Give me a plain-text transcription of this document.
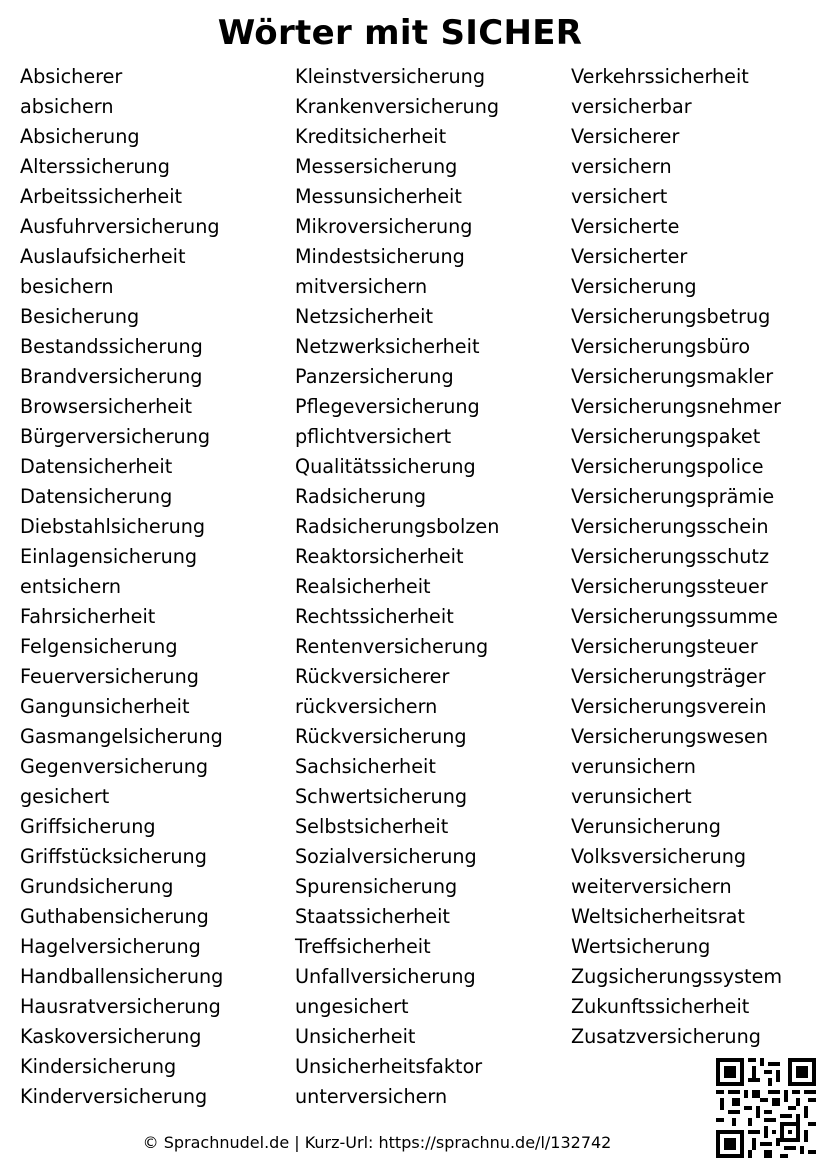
Wörter mit SICHER
Absicherer
absichern
Absicherung
Alterssicherung
Arbeitssicherheit
Ausfuhrversicherung
Auslaufsicherheit
besichern
Besicherung
Bestandssicherung
Brandversicherung
Browsersicherheit
Bürgerversicherung
Datensicherheit
Datensicherung
Diebstahlsicherung
Einlagensicherung
entsichern
Fahrsicherheit
Felgensicherung
Feuerversicherung
Gangunsicherheit
Gasmangelsicherung
Gegenversicherung
gesichert
Griffsicherung
Griffstücksicherung
Grundsicherung
Guthabensicherung
Hagelversicherung
Handballensicherung
Hausratversicherung
Kaskoversicherung
Kindersicherung
Kinderversicherung
Kleinstversicherung
Krankenversicherung
Kreditsicherheit
Messersicherung
Messunsicherheit
Mikroversicherung
Mindestsicherung
mitversichern
Netzsicherheit
Netzwerksicherheit
Panzersicherung
Pflegeversicherung
pflichtversichert
Qualitätssicherung
Radsicherung
Radsicherungsbolzen
Reaktorsicherheit
Realsicherheit
Rechtssicherheit
Rentenversicherung
Rückversicherer
rückversichern
Rückversicherung
Sachsicherheit
Schwertsicherung
Selbstsicherheit
Sozialversicherung
Spurensicherung
Staatssicherheit
Treffsicherheit
Unfallversicherung
ungesichert
Unsicherheit
Unsicherheitsfaktor
unterversichern
Verkehrssicherheit
versicherbar
Versicherer
versichern
versichert
Versicherte
Versicherter
Versicherung
Versicherungsbetrug
Versicherungsbüro
Versicherungsmakler
Versicherungsnehmer
Versicherungspaket
Versicherungspolice
Versicherungsprämie
Versicherungsschein
Versicherungsschutz
Versicherungssteuer
Versicherungssumme
Versicherungsteuer
Versicherungsträger
Versicherungsverein
Versicherungswesen
verunsichern
verunsichert
Verunsicherung
Volksversicherung
weiterversichern
Weltsicherheitsrat
Wertsicherung
Zugsicherungssystem
Zukunftssicherheit
Zusatzversicherung
© Sprachnudel.de | Kurz-Url: https://sprachnu.de/l/132742
